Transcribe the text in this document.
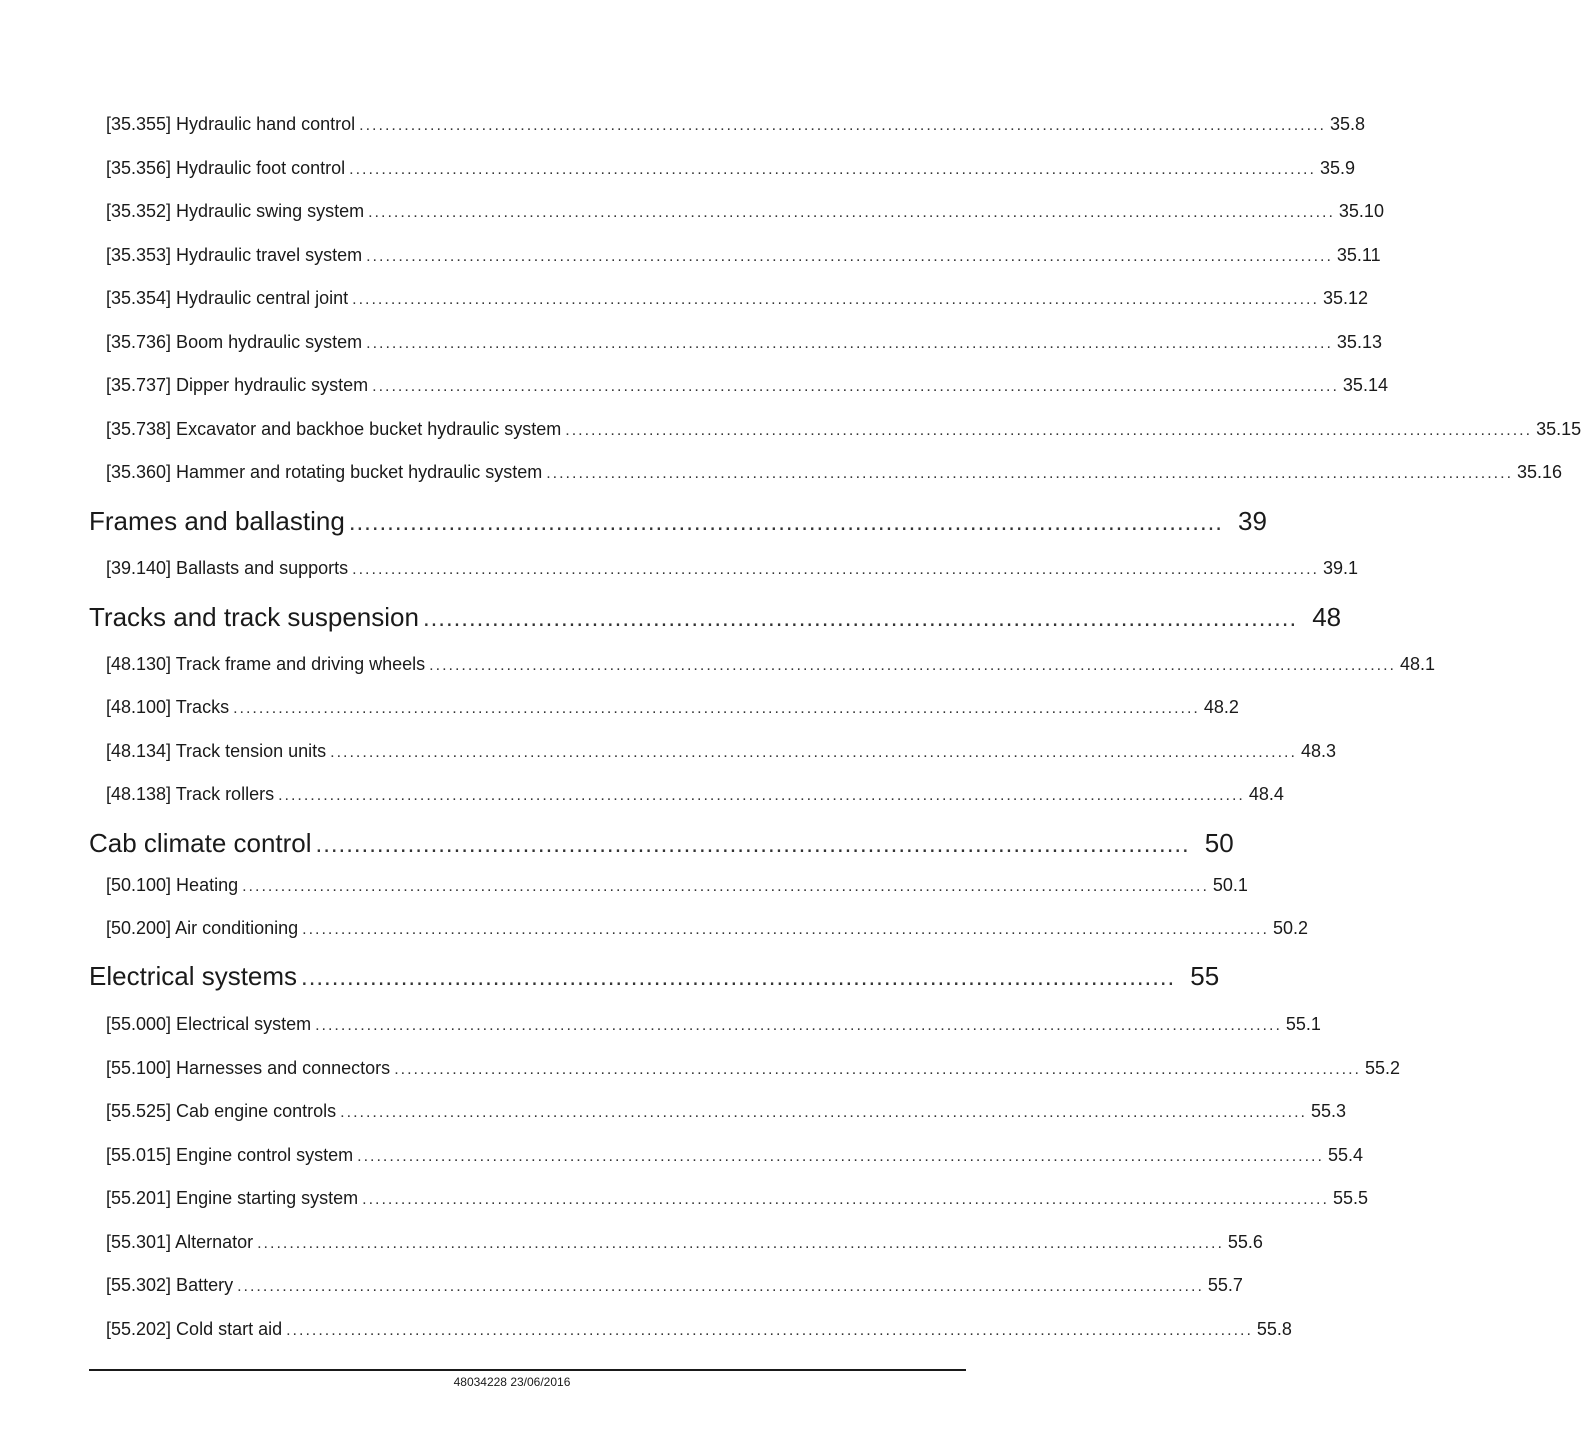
[35.355] Hydraulic hand control ...................................................................................................................................................... 35.8
[35.356] Hydraulic foot control ...................................................................................................................................................... 35.9
[35.352] Hydraulic swing system ...................................................................................................................................................... 35.10
[35.353] Hydraulic travel system ...................................................................................................................................................... 35.11
[35.354] Hydraulic central joint ...................................................................................................................................................... 35.12
[35.736] Boom hydraulic system ...................................................................................................................................................... 35.13
[35.737] Dipper hydraulic system ...................................................................................................................................................... 35.14
[35.738] Excavator and backhoe bucket hydraulic system ...................................................................................................................................................... 35.15
[35.360] Hammer and rotating bucket hydraulic system ...................................................................................................................................................... 35.16
Frames and ballasting .................................................................................................................. 39
[39.140] Ballasts and supports ...................................................................................................................................................... 39.1
Tracks and track suspension .................................................................................................................. 48
[48.130] Track frame and driving wheels ...................................................................................................................................................... 48.1
[48.100] Tracks ...................................................................................................................................................... 48.2
[48.134] Track tension units ...................................................................................................................................................... 48.3
[48.138] Track rollers ...................................................................................................................................................... 48.4
Cab climate control .................................................................................................................. 50
[50.100] Heating ...................................................................................................................................................... 50.1
[50.200] Air conditioning ...................................................................................................................................................... 50.2
Electrical systems .................................................................................................................. 55
[55.000] Electrical system ...................................................................................................................................................... 55.1
[55.100] Harnesses and connectors ...................................................................................................................................................... 55.2
[55.525] Cab engine controls ...................................................................................................................................................... 55.3
[55.015] Engine control system ...................................................................................................................................................... 55.4
[55.201] Engine starting system ...................................................................................................................................................... 55.5
[55.301] Alternator ...................................................................................................................................................... 55.6
[55.302] Battery ...................................................................................................................................................... 55.7
[55.202] Cold start aid ...................................................................................................................................................... 55.8
48034228 23/06/2016
